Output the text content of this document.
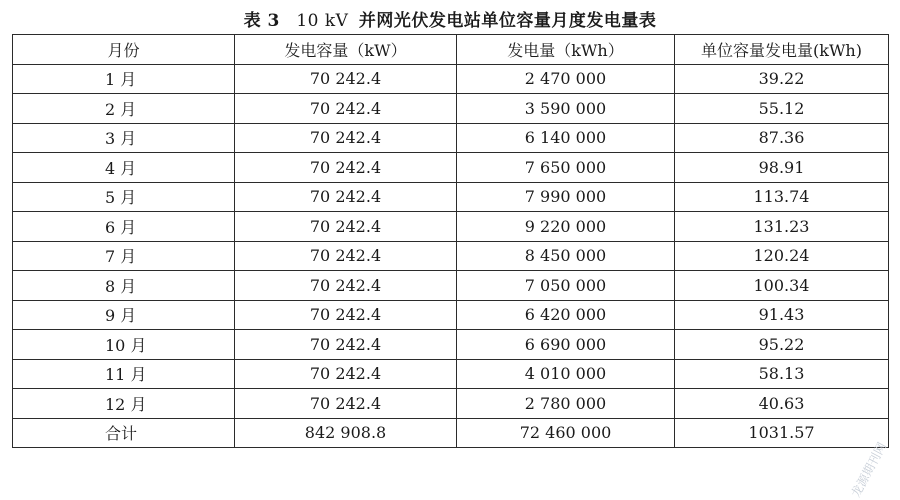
表 3 10 kV 并网光伏发电站单位容量月度发电量表
月份	发电容量（kW）	发电量（kWh）	单位容量发电量(kWh)
1 月	70 242.4	2 470 000	39.22
2 月	70 242.4	3 590 000	55.12
3 月	70 242.4	6 140 000	87.36
4 月	70 242.4	7 650 000	98.91
5 月	70 242.4	7 990 000	113.74
6 月	70 242.4	9 220 000	131.23
7 月	70 242.4	8 450 000	120.24
8 月	70 242.4	7 050 000	100.34
9 月	70 242.4	6 420 000	91.43
10 月	70 242.4	6 690 000	95.22
11 月	70 242.4	4 010 000	58.13
12 月	70 242.4	2 780 000	40.63
合计	842 908.8	72 460 000	1031.57
龙源期刊网
